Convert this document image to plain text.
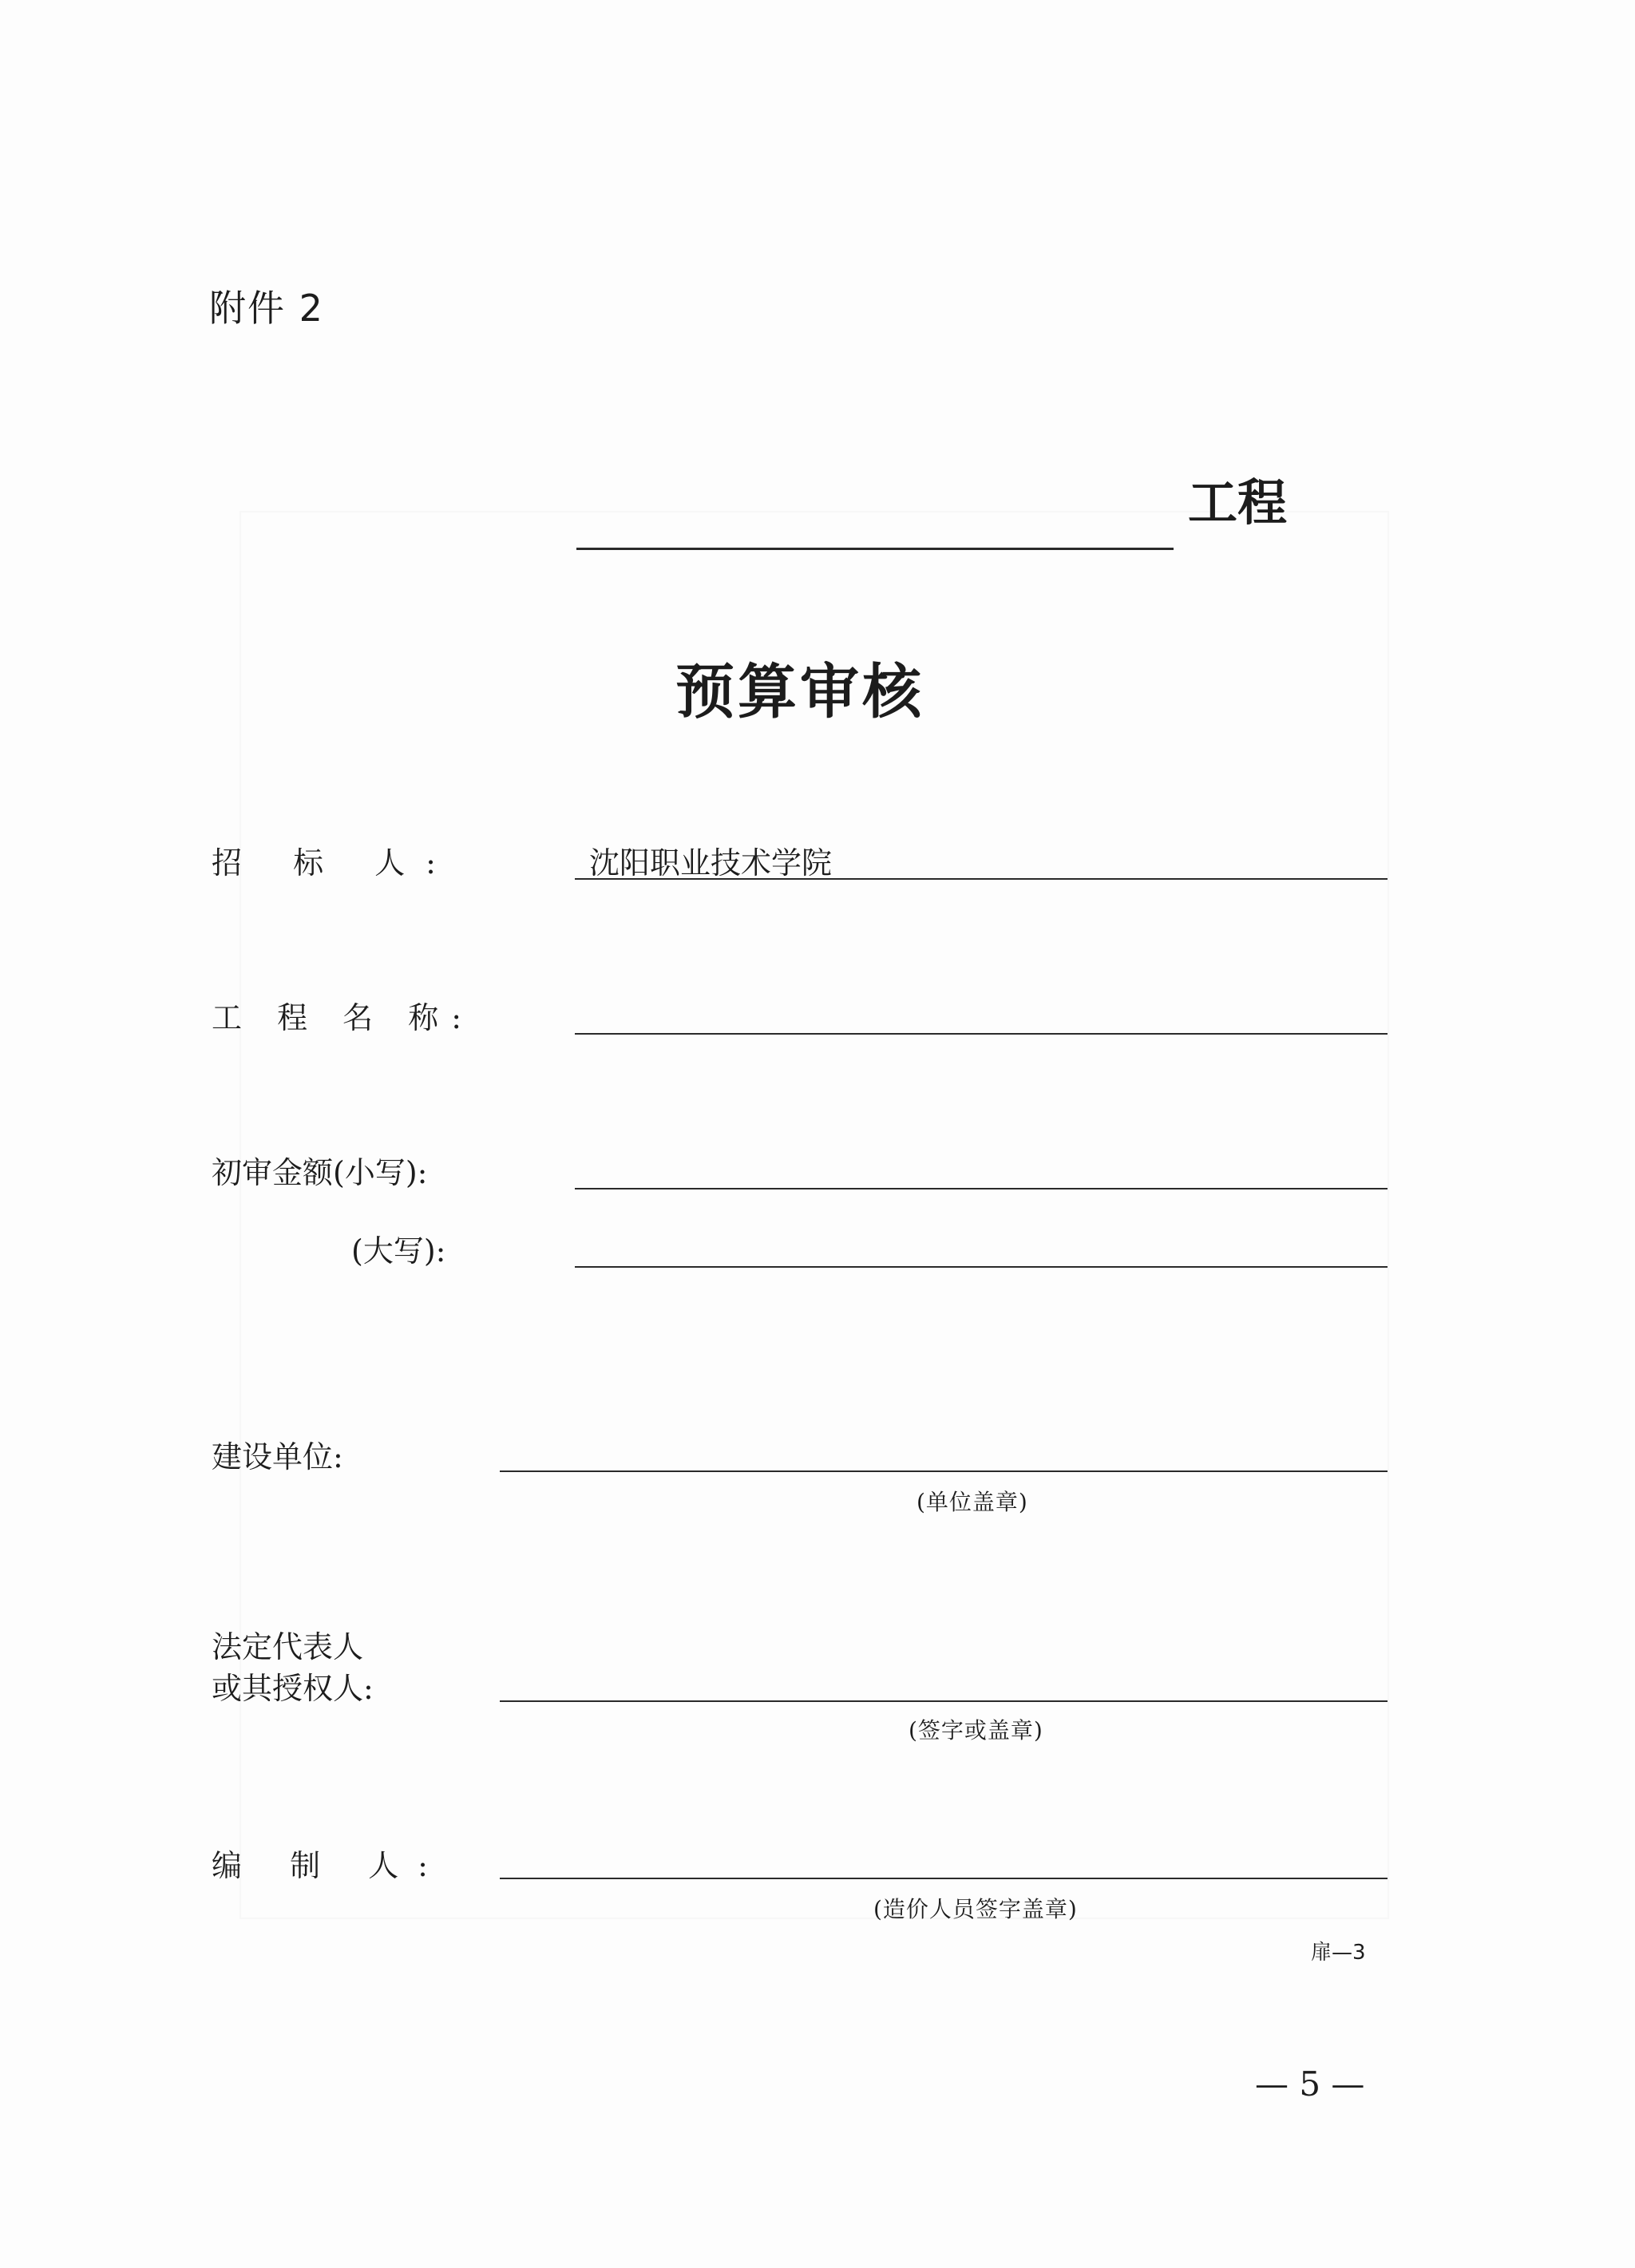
附件 2
工程
预算审核
招 标 人:	沈阳职业技术学院
工 程 名 称:
初审金额(小写):
(大写):
建设单位:
(单位盖章)
法定代表人
或其授权人:
(签字或盖章)
编 制 人:
(造价人员签字盖章)
扉—3
— 5 —
